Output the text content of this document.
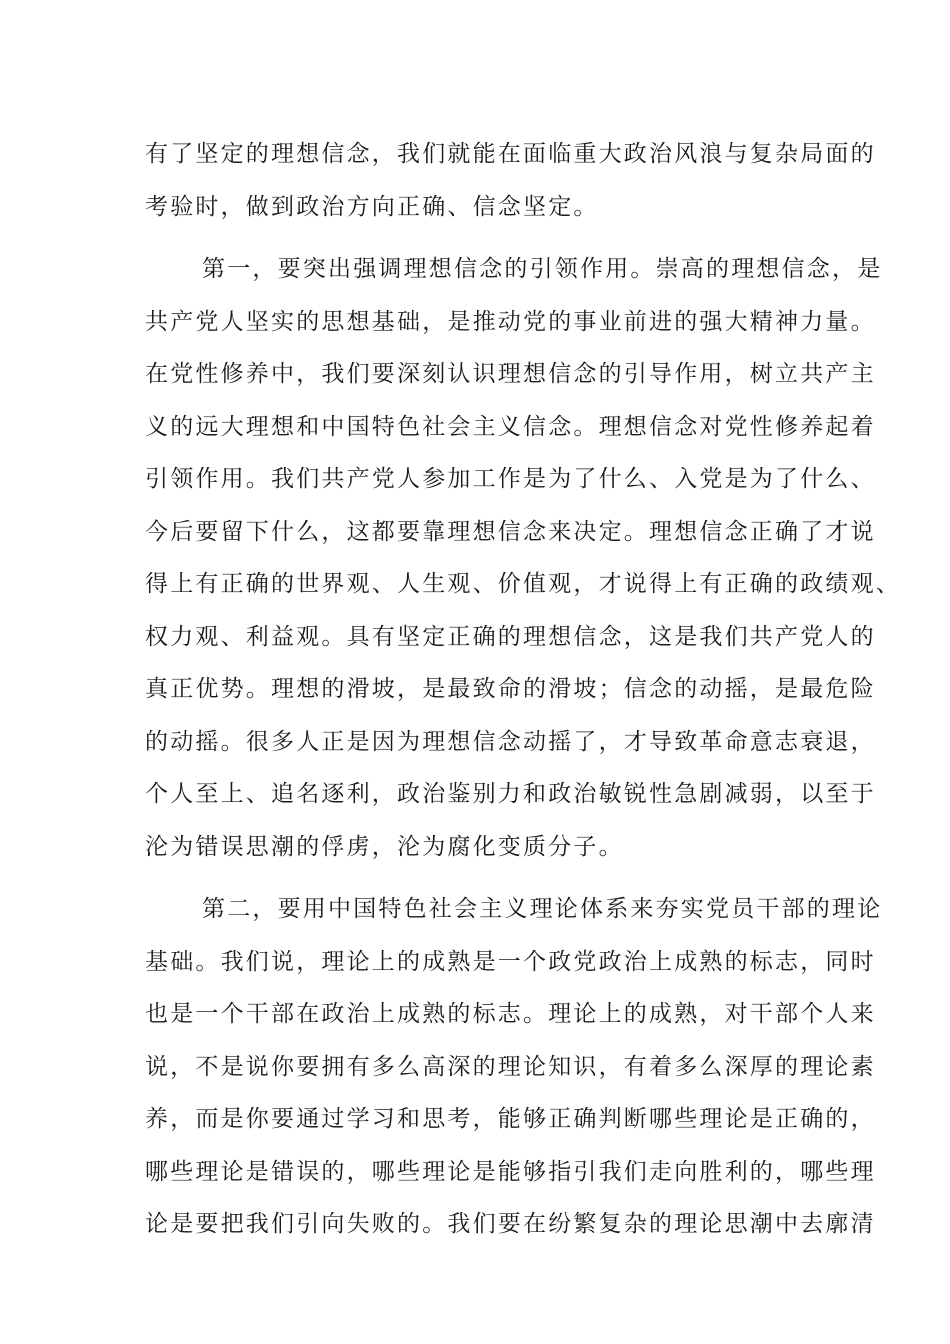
有了坚定的理想信念，我们就能在面临重大政治风浪与复杂局面的
考验时，做到政治方向正确、信念坚定。
第一，要突出强调理想信念的引领作用。崇高的理想信念，是
共产党人坚实的思想基础，是推动党的事业前进的强大精神力量。
在党性修养中，我们要深刻认识理想信念的引导作用，树立共产主
义的远大理想和中国特色社会主义信念。理想信念对党性修养起着
引领作用。我们共产党人参加工作是为了什么、入党是为了什么、
今后要留下什么，这都要靠理想信念来决定。理想信念正确了才说
得上有正确的世界观、人生观、价值观，才说得上有正确的政绩观、
权力观、利益观。具有坚定正确的理想信念，这是我们共产党人的
真正优势。理想的滑坡，是最致命的滑坡；信念的动摇，是最危险
的动摇。很多人正是因为理想信念动摇了，才导致革命意志衰退，
个人至上、追名逐利，政治鉴别力和政治敏锐性急剧减弱，以至于
沦为错误思潮的俘虏，沦为腐化变质分子。
第二，要用中国特色社会主义理论体系来夯实党员干部的理论
基础。我们说，理论上的成熟是一个政党政治上成熟的标志，同时
也是一个干部在政治上成熟的标志。理论上的成熟，对干部个人来
说，不是说你要拥有多么高深的理论知识，有着多么深厚的理论素
养，而是你要通过学习和思考，能够正确判断哪些理论是正确的，
哪些理论是错误的，哪些理论是能够指引我们走向胜利的，哪些理
论是要把我们引向失败的。我们要在纷繁复杂的理论思潮中去廓清
